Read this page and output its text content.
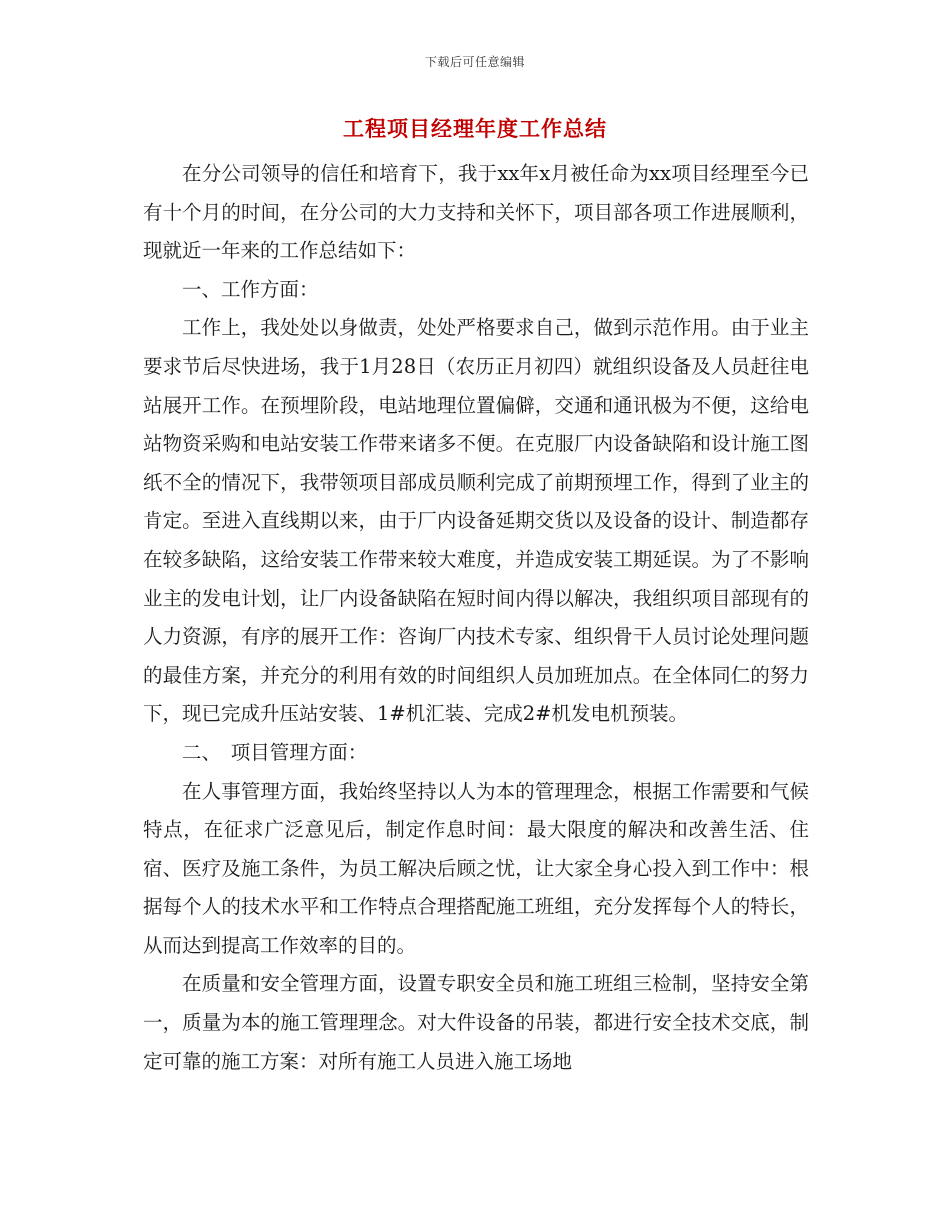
下载后可任意编辑
工程项目经理年度工作总结

在分公司领导的信任和培育下，我于xx年x月被任命为xx项目经理至今已有十个月的时间，在分公司的大力支持和关怀下，项目部各项工作进展顺利，现就近一年来的工作总结如下：

一、工作方面：

工作上，我处处以身做责，处处严格要求自己，做到示范作用。由于业主要求节后尽快进场，我于1月28日（农历正月初四）就组织设备及人员赶往电站展开工作。在预埋阶段，电站地理位置偏僻，交通和通讯极为不便，这给电站物资采购和电站安装工作带来诸多不便。在克服厂内设备缺陷和设计施工图纸不全的情况下，我带领项目部成员顺利完成了前期预埋工作，得到了业主的肯定。至进入直线期以来，由于厂内设备延期交货以及设备的设计、制造都存在较多缺陷，这给安装工作带来较大难度，并造成安装工期延误。为了不影响业主的发电计划，让厂内设备缺陷在短时间内得以解决，我组织项目部现有的人力资源，有序的展开工作：咨询厂内技术专家、组织骨干人员讨论处理问题的最佳方案，并充分的利用有效的时间组织人员加班加点。在全体同仁的努力下，现已完成升压站安装、1#机汇装、完成2#机发电机预装。

二、　项目管理方面：

在人事管理方面，我始终坚持以人为本的管理理念，根据工作需要和气候特点，在征求广泛意见后，制定作息时间：最大限度的解决和改善生活、住宿、医疗及施工条件，为员工解决后顾之忧，让大家全身心投入到工作中：根据每个人的技术水平和工作特点合理搭配施工班组，充分发挥每个人的特长，从而达到提高工作效率的目的。

在质量和安全管理方面，设置专职安全员和施工班组三检制，坚持安全第一，质量为本的施工管理理念。对大件设备的吊装，都进行安全技术交底，制定可靠的施工方案：对所有施工人员进入施工场地
